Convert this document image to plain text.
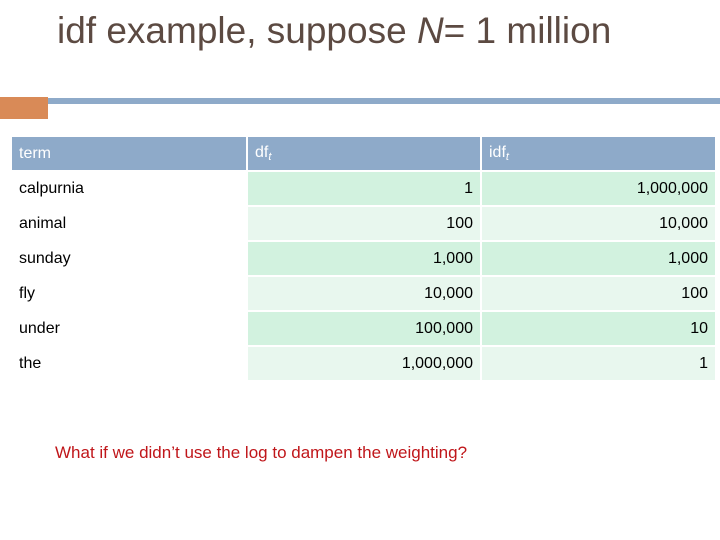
idf example, suppose N= 1 million
term	$df_t$	idf$_t$
calpurnia	1	1,000,000
animal	100	10,000
sunday	1,000	1,000
fly	10,000	100
under	100,000	10
the	1,000,000	1
What if we didn’t use the log to dampen the weighting?
